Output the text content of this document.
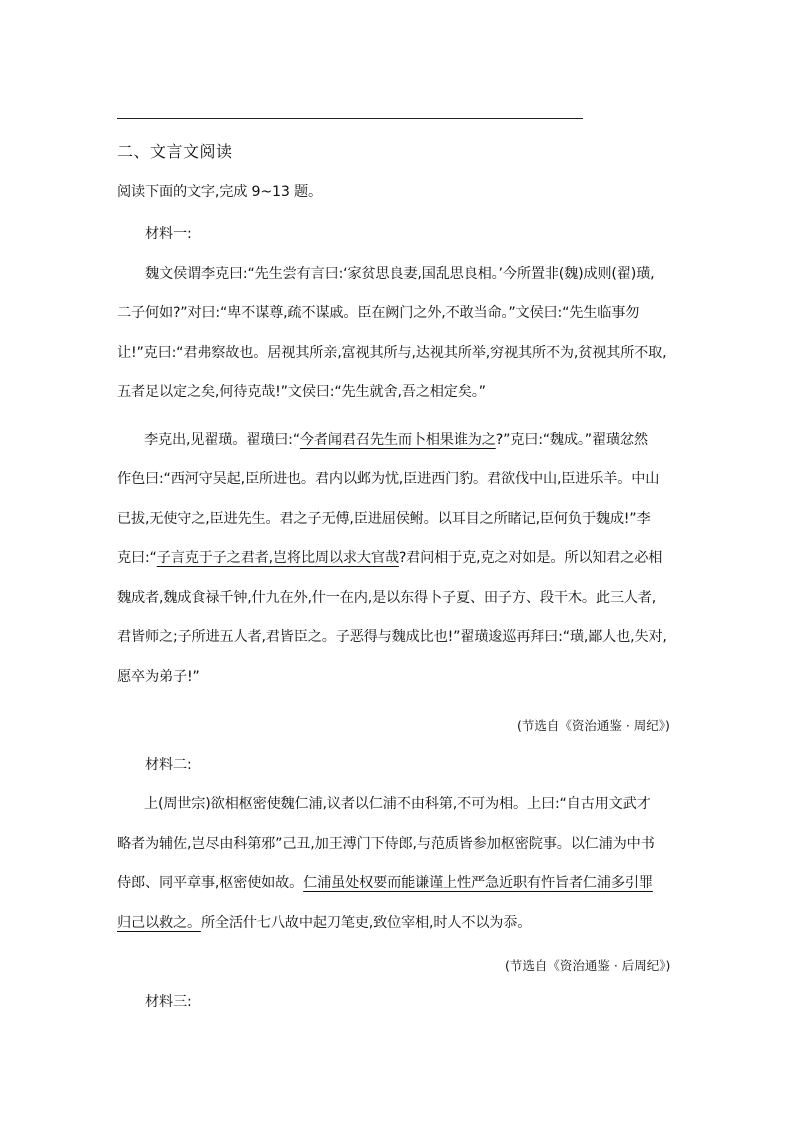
二、文言文阅读
阅读下面的文字,完成 9~13 题。
材料一:
魏文侯谓李克曰:“先生尝有言曰:‘家贫思良妻,国乱思良相。’今所置非(魏)成则(翟)璜,
二子何如?”对曰:“卑不谋尊,疏不谋戚。臣在阙门之外,不敢当命。”文侯曰:“先生临事勿
让!”克曰:“君弗察故也。居视其所亲,富视其所与,达视其所举,穷视其所不为,贫视其所不取,
五者足以定之矣,何待克哉!”文侯曰:“先生就舍,吾之相定矣。”
李克出,见翟璜。翟璜曰:“今者闻君召先生而卜相果谁为之?”克曰:“魏成。”翟璜忿然
作色曰:“西河守吴起,臣所进也。君内以邺为忧,臣进西门豹。君欲伐中山,臣进乐羊。中山
已拔,无使守之,臣进先生。君之子无傅,臣进屈侯鲋。以耳目之所睹记,臣何负于魏成!”李
克曰:“子言克于子之君者,岂将比周以求大官哉?君问相于克,克之对如是。所以知君之必相
魏成者,魏成食禄千钟,什九在外,什一在内,是以东得卜子夏、田子方、段干木。此三人者,
君皆师之;子所进五人者,君皆臣之。子恶得与魏成比也!”翟璜逡巡再拜曰:“璜,鄙人也,失对,
愿卒为弟子!”
(节选自《资治通鉴 · 周纪》)
材料二:
上(周世宗)欲相枢密使魏仁浦,议者以仁浦不由科第,不可为相。上曰:“自古用文武才
略者为辅佐,岂尽由科第邪”己丑,加王溥门下侍郎,与范质皆参加枢密院事。以仁浦为中书
侍郎、同平章事,枢密使如故。仁浦虽处权要而能谦谨上性严急近职有忤旨者仁浦多引罪
归己以救之。所全活什七八故中起刀笔吏,致位宰相,时人不以为忝。
(节选自《资治通鉴 · 后周纪》)
材料三:
